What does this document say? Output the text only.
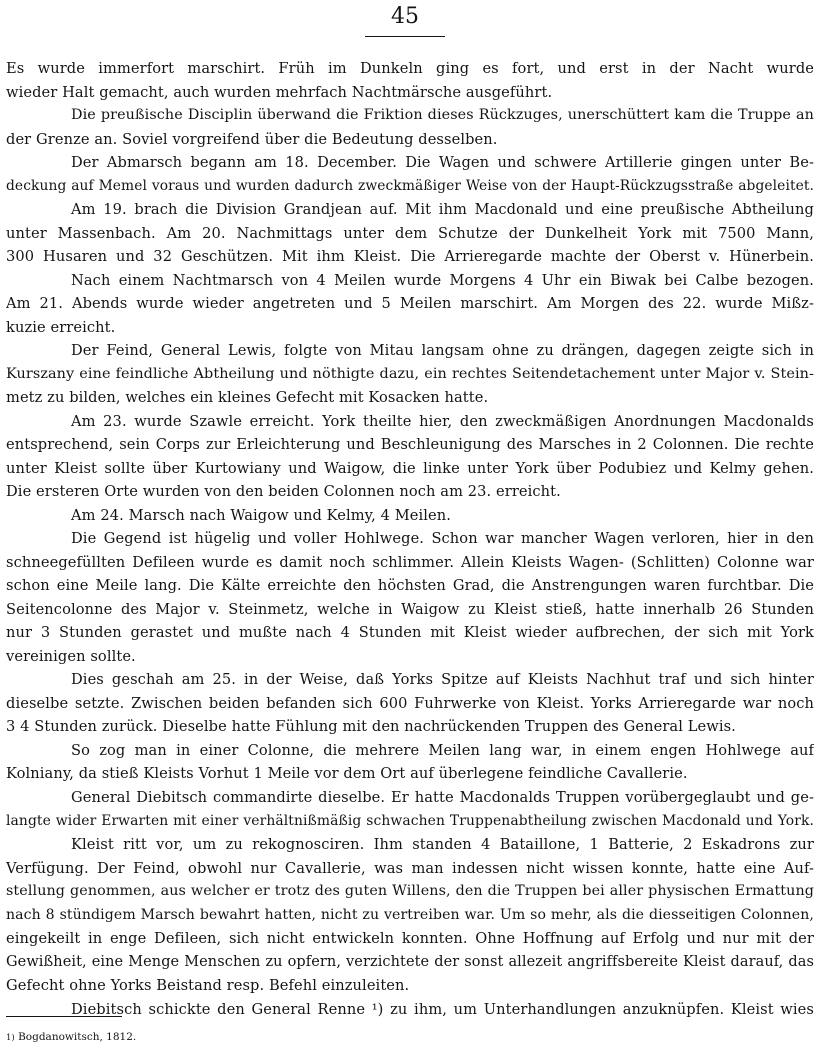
45
Es wurde immerfort marschirt. Früh im Dunkeln ging es fort, und erst in der Nacht wurde
wieder Halt gemacht, auch wurden mehrfach Nachtmärsche ausgeführt.
Die preußische Disciplin überwand die Friktion dieses Rückzuges, unerschüttert kam die Truppe an
der Grenze an. Soviel vorgreifend über die Bedeutung desselben.
Der Abmarsch begann am 18. December. Die Wagen und schwere Artillerie gingen unter Be-
deckung auf Memel voraus und wurden dadurch zweckmäßiger Weise von der Haupt-Rückzugsstraße abgeleitet.
Am 19. brach die Division Grandjean auf. Mit ihm Macdonald und eine preußische Abtheilung
unter Massenbach. Am 20. Nachmittags unter dem Schutze der Dunkelheit York mit 7500 Mann,
300 Husaren und 32 Geschützen. Mit ihm Kleist. Die Arrieregarde machte der Oberst v. Hünerbein.
Nach einem Nachtmarsch von 4 Meilen wurde Morgens 4 Uhr ein Biwak bei Calbe bezogen.
Am 21. Abends wurde wieder angetreten und 5 Meilen marschirt. Am Morgen des 22. wurde Mißz-
kuzie erreicht.
Der Feind, General Lewis, folgte von Mitau langsam ohne zu drängen, dagegen zeigte sich in
Kurszany eine feindliche Abtheilung und nöthigte dazu, ein rechtes Seitendetachement unter Major v. Stein-
metz zu bilden, welches ein kleines Gefecht mit Kosacken hatte.
Am 23. wurde Szawle erreicht. York theilte hier, den zweckmäßigen Anordnungen Macdonalds
entsprechend, sein Corps zur Erleichterung und Beschleunigung des Marsches in 2 Colonnen. Die rechte
unter Kleist sollte über Kurtowiany und Waigow, die linke unter York über Podubiez und Kelmy gehen.
Die ersteren Orte wurden von den beiden Colonnen noch am 23. erreicht.
Am 24. Marsch nach Waigow und Kelmy, 4 Meilen.
Die Gegend ist hügelig und voller Hohlwege. Schon war mancher Wagen verloren, hier in den
schneegefüllten Defileen wurde es damit noch schlimmer. Allein Kleists Wagen- (Schlitten) Colonne war
schon eine Meile lang. Die Kälte erreichte den höchsten Grad, die Anstrengungen waren furchtbar. Die
Seitencolonne des Major v. Steinmetz, welche in Waigow zu Kleist stieß, hatte innerhalb 26 Stunden
nur 3 Stunden gerastet und mußte nach 4 Stunden mit Kleist wieder aufbrechen, der sich mit York
vereinigen sollte.
Dies geschah am 25. in der Weise, daß Yorks Spitze auf Kleists Nachhut traf und sich hinter
dieselbe setzte. Zwischen beiden befanden sich 600 Fuhrwerke von Kleist. Yorks Arrieregarde war noch
3 4 Stunden zurück. Dieselbe hatte Fühlung mit den nachrückenden Truppen des General Lewis.
So zog man in einer Colonne, die mehrere Meilen lang war, in einem engen Hohlwege auf
Kolniany, da stieß Kleists Vorhut 1 Meile vor dem Ort auf überlegene feindliche Cavallerie.
General Diebitsch commandirte dieselbe. Er hatte Macdonalds Truppen vorübergeglaubt und ge-
langte wider Erwarten mit einer verhältnißmäßig schwachen Truppenabtheilung zwischen Macdonald und York.
Kleist ritt vor, um zu rekognosciren. Ihm standen 4 Bataillone, 1 Batterie, 2 Eskadrons zur
Verfügung. Der Feind, obwohl nur Cavallerie, was man indessen nicht wissen konnte, hatte eine Auf-
stellung genommen, aus welcher er trotz des guten Willens, den die Truppen bei aller physischen Ermattung
nach 8 stündigem Marsch bewahrt hatten, nicht zu vertreiben war. Um so mehr, als die diesseitigen Colonnen,
eingekeilt in enge Defileen, sich nicht entwickeln konnten. Ohne Hoffnung auf Erfolg und nur mit der
Gewißheit, eine Menge Menschen zu opfern, verzichtete der sonst allezeit angriffsbereite Kleist darauf, das
Gefecht ohne Yorks Beistand resp. Befehl einzuleiten.
Diebitsch schickte den General Renne ¹) zu ihm, um Unterhandlungen anzuknüpfen. Kleist wies
1) Bogdanowitsch, 1812.
